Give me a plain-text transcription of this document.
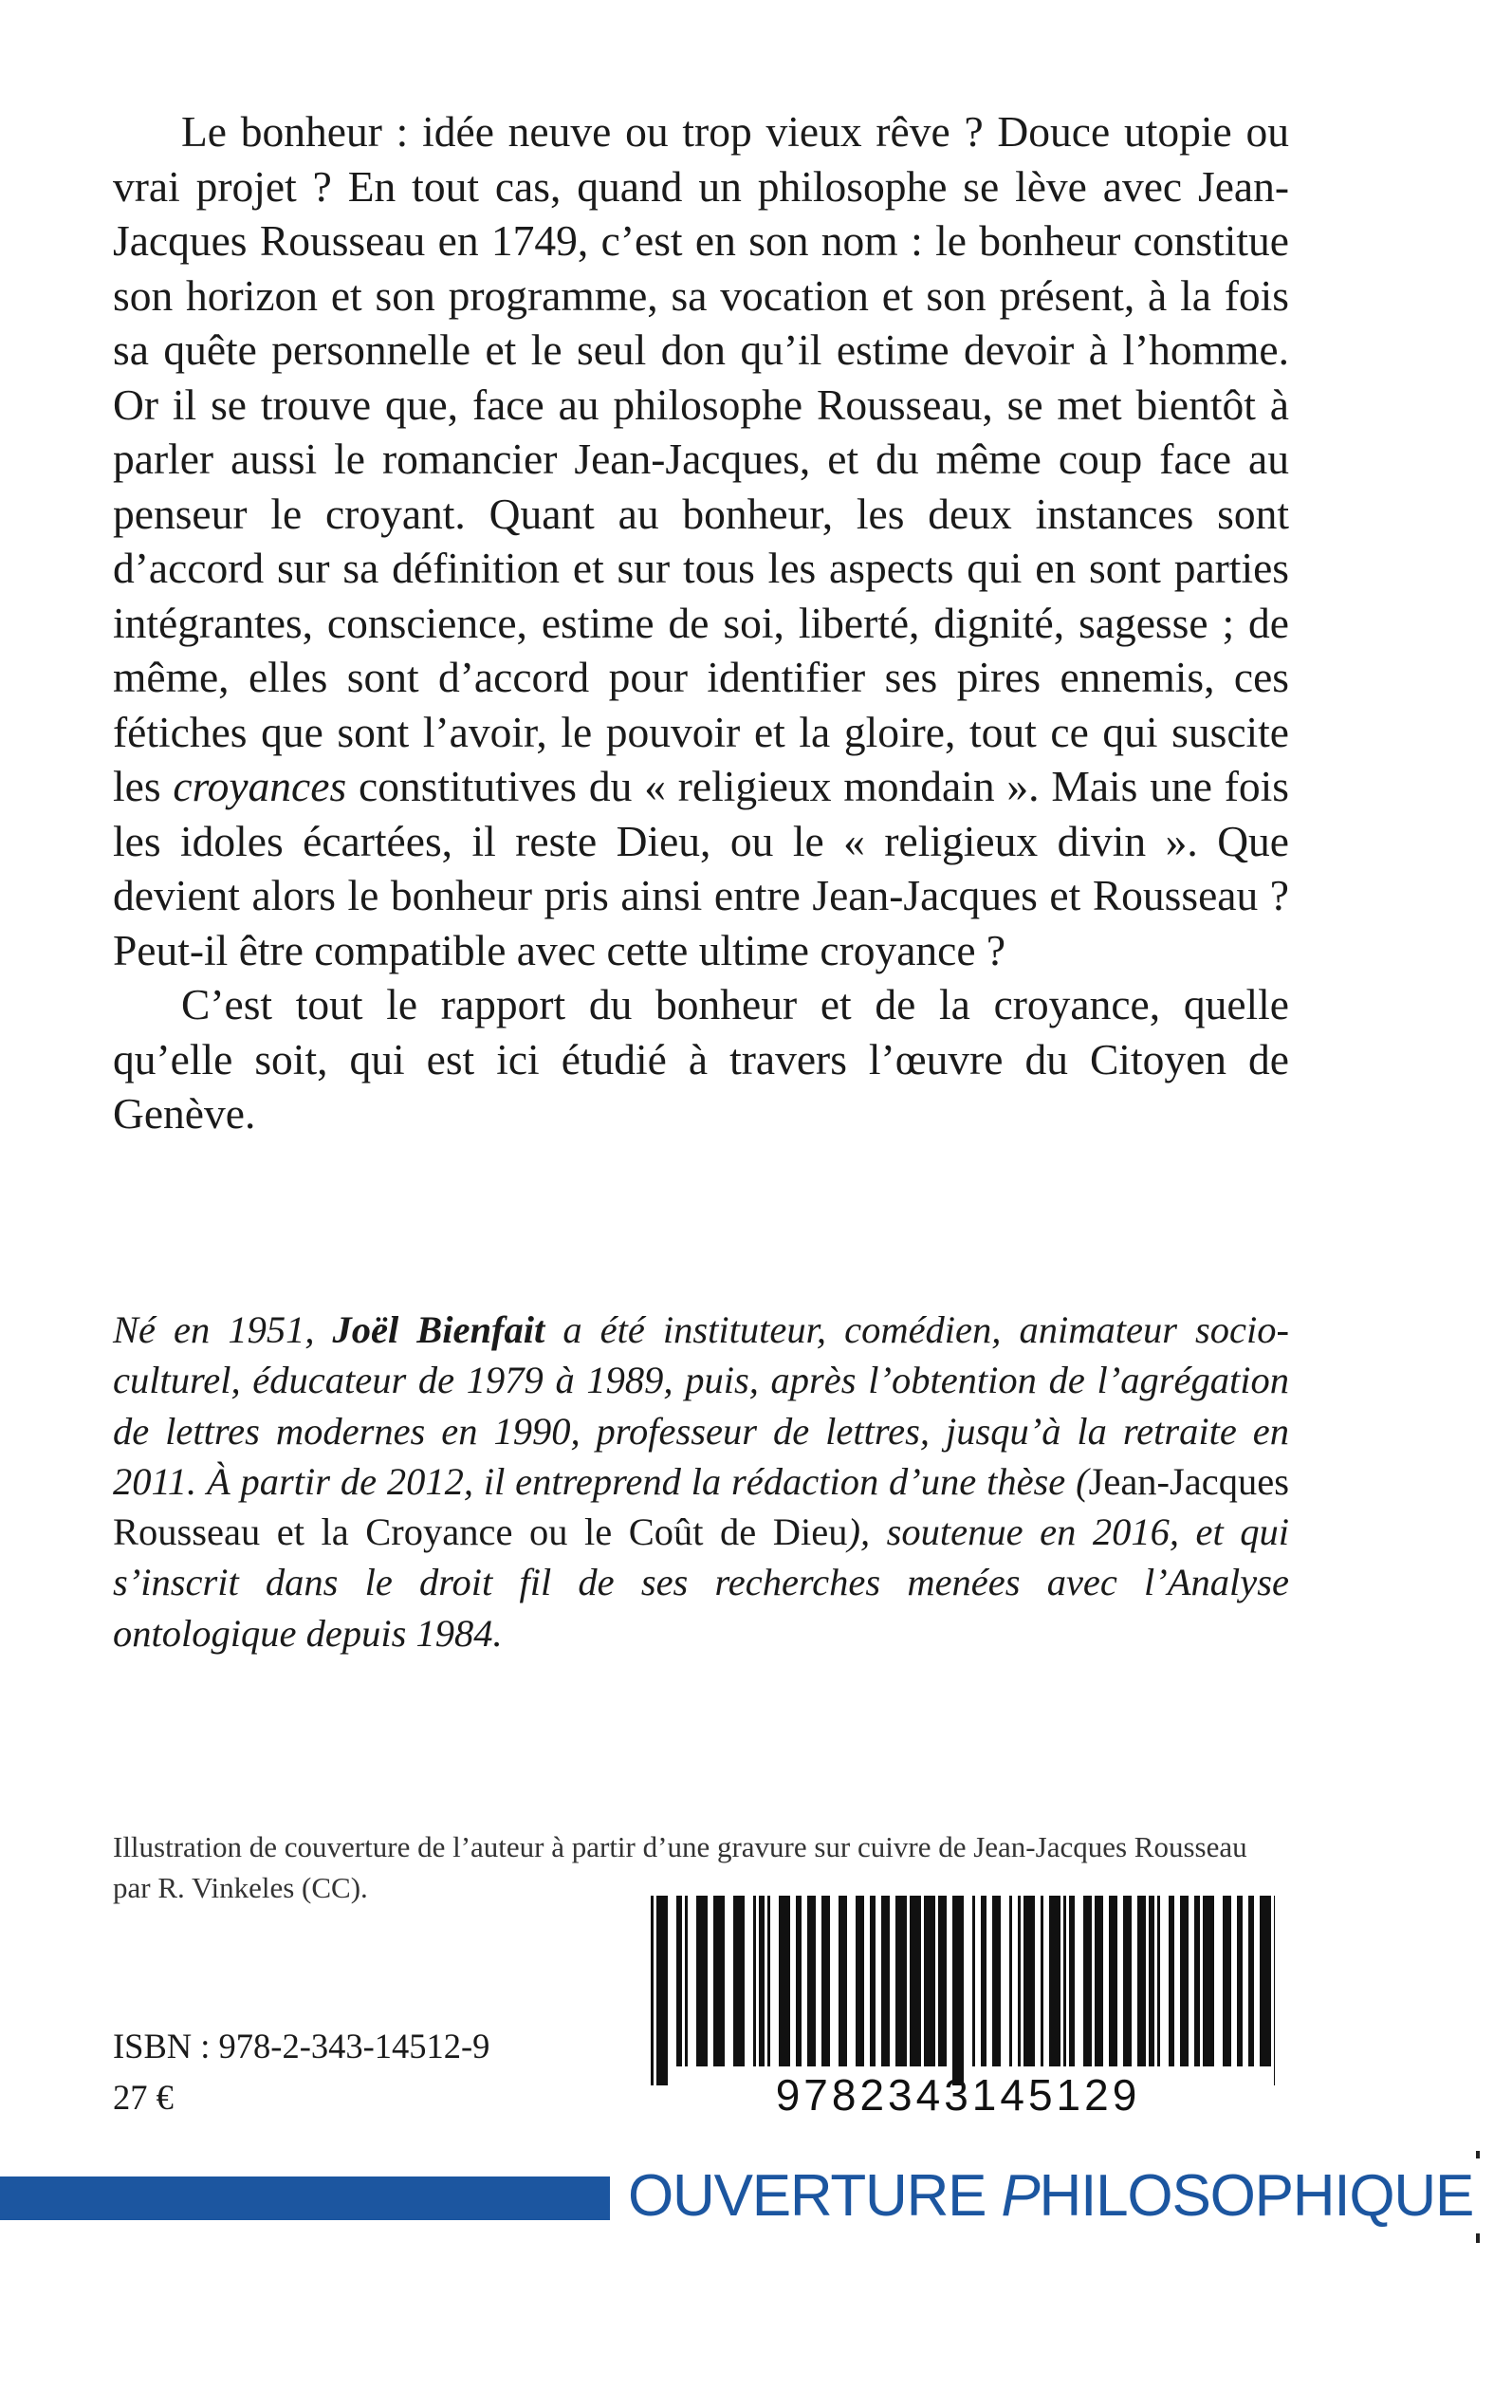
Le bonheur : idée neuve ou trop vieux rêve ? Douce utopie ou vrai projet ? En tout cas, quand un philosophe se lève avec Jean-Jacques Rousseau en 1749, c’est en son nom : le bonheur constitue son horizon et son programme, sa vocation et son présent, à la fois sa quête personnelle et le seul don qu’il estime devoir à l’homme. Or il se trouve que, face au philosophe Rousseau, se met bientôt à parler aussi le romancier Jean-Jacques, et du même coup face au penseur le croyant. Quant au bonheur, les deux instances sont d’accord sur sa définition et sur tous les aspects qui en sont parties intégrantes, conscience, estime de soi, liberté, dignité, sagesse ; de même, elles sont d’accord pour identifier ses pires ennemis, ces fétiches que sont l’avoir, le pouvoir et la gloire, tout ce qui suscite les croyances constitutives du « religieux mondain ». Mais une fois les idoles écartées, il reste Dieu, ou le « religieux divin ». Que devient alors le bonheur pris ainsi entre Jean-Jacques et Rousseau ? Peut-il être compatible avec cette ultime croyance ?

C’est tout le rapport du bonheur et de la croyance, quelle qu’elle soit, qui est ici étudié à travers l’œuvre du Citoyen de Genève.

Né en 1951, Joël Bienfait a été instituteur, comédien, animateur socio-culturel, éducateur de 1979 à 1989, puis, après l’obtention de l’agrégation de lettres modernes en 1990, professeur de lettres, jusqu’à la retraite en 2011. À partir de 2012, il entreprend la rédaction d’une thèse (Jean-Jacques Rousseau et la Croyance ou le Coût de Dieu), soutenue en 2016, et qui s’inscrit dans le droit fil de ses recherches menées avec l’Analyse ontologique depuis 1984.

Illustration de couverture de l’auteur à partir d’une gravure sur cuivre de Jean-Jacques Rousseau par R. Vinkeles (CC).

ISBN : 978-2-343-14512-9
27 €	9782343145129
OUVERTURE PHILOSOPHIQUE
